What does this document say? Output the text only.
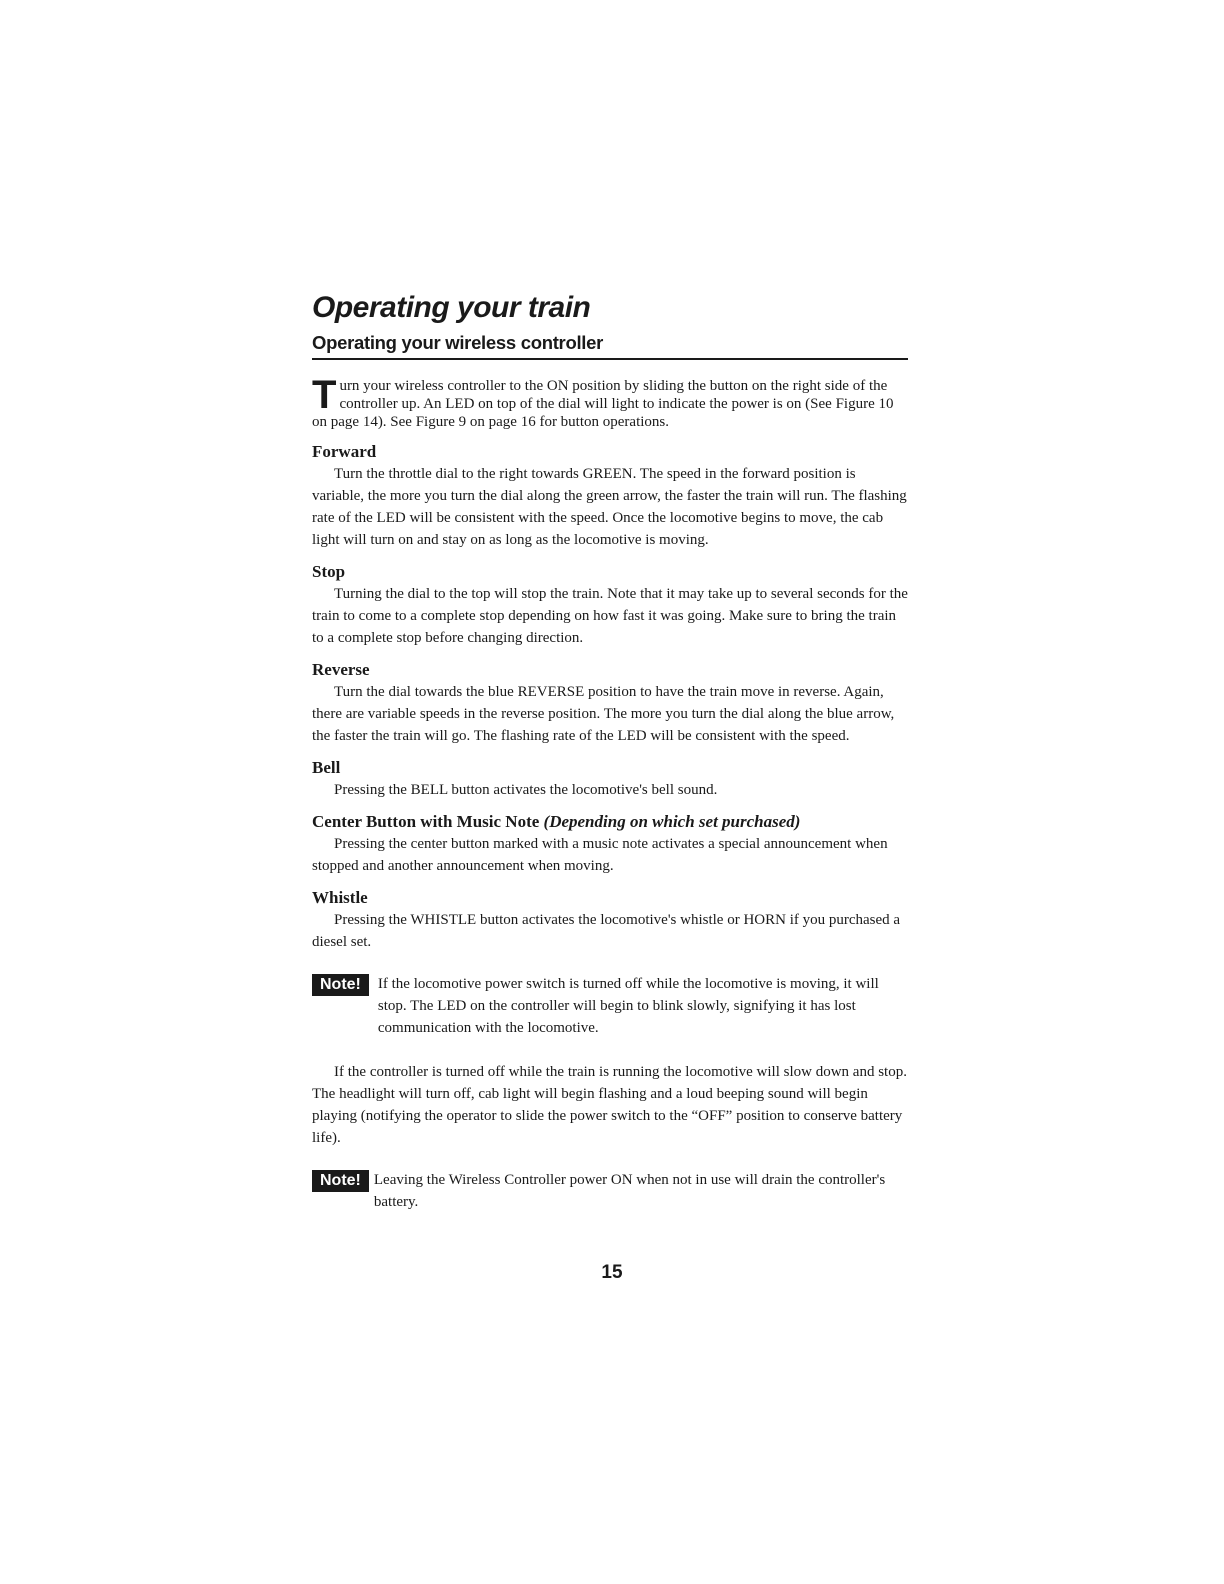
Operating your train
Operating your wireless controller

Turn your wireless controller to the ON position by sliding the button on the right side of the controller up. An LED on top of the dial will light to indicate the power is on (See Figure 10 on page 14). See Figure 9 on page 16 for button operations.

Forward

Turn the throttle dial to the right towards GREEN. The speed in the forward position is variable, the more you turn the dial along the green arrow, the faster the train will run. The flashing rate of the LED will be consistent with the speed. Once the locomotive begins to move, the cab light will turn on and stay on as long as the locomotive is moving.

Stop

Turning the dial to the top will stop the train. Note that it may take up to several seconds for the train to come to a complete stop depending on how fast it was going. Make sure to bring the train to a complete stop before changing direction.

Reverse

Turn the dial towards the blue REVERSE position to have the train move in reverse. Again, there are variable speeds in the reverse position. The more you turn the dial along the blue arrow, the faster the train will go. The flashing rate of the LED will be consistent with the speed.

Bell

Pressing the BELL button activates the locomotive's bell sound.

Center Button with Music Note (Depending on which set purchased)

Pressing the center button marked with a music note activates a special announcement when stopped and another announcement when moving.

Whistle

Pressing the WHISTLE button activates the locomotive's whistle or HORN if you purchased a diesel set.

Note!	If the locomotive power switch is turned off while the locomotive is moving, it will stop. The LED on the controller will begin to blink slowly, signifying it has lost communication with the locomotive.

If the controller is turned off while the train is running the locomotive will slow down and stop. The headlight will turn off, cab light will begin flashing and a loud beeping sound will begin playing (notifying the operator to slide the power switch to the “OFF” position to conserve battery life).

Note! Leaving the Wireless Controller power ON when not in use will drain the controller's battery.

15
